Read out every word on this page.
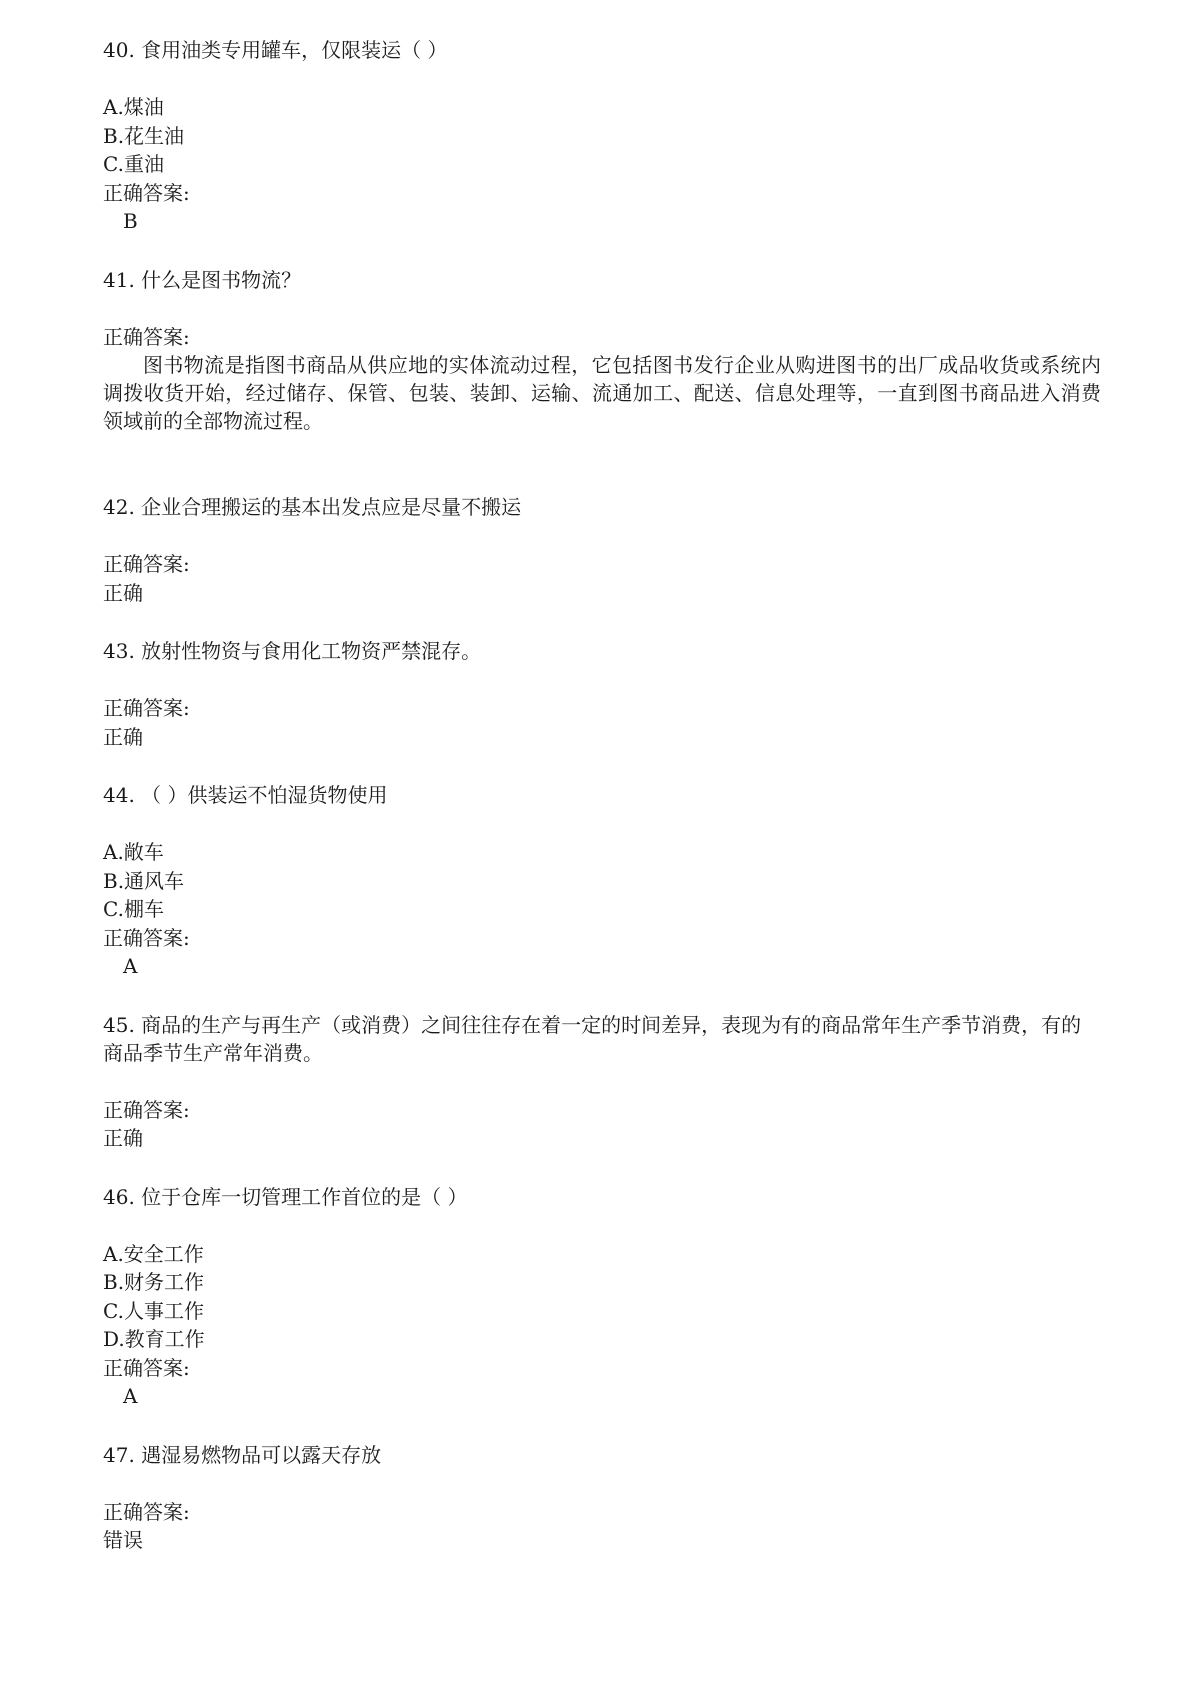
40. 食用油类专用罐车，仅限装运（ ）

A.煤油

B.花生油

C.重油

正确答案:

B

41. 什么是图书物流？

正确答案:

图书物流是指图书商品从供应地的实体流动过程，它包括图书发行企业从购进图书的出厂成品收货或系统内调拨收货开始，经过储存、保管、包装、装卸、运输、流通加工、配送、信息处理等，一直到图书商品进入消费领域前的全部物流过程。

42. 企业合理搬运的基本出发点应是尽量不搬运

正确答案:

正确

43. 放射性物资与食用化工物资严禁混存。

正确答案:

正确

44. （ ）供装运不怕湿货物使用

A.敞车

B.通风车

C.棚车

正确答案:

A

45. 商品的生产与再生产（或消费）之间往往存在着一定的时间差异，表现为有的商品常年生产季节消费，有的商品季节生产常年消费。

正确答案:

正确

46. 位于仓库一切管理工作首位的是（ ）

A.安全工作

B.财务工作

C.人事工作

D.教育工作

正确答案:

A

47. 遇湿易燃物品可以露天存放

正确答案:

错误
